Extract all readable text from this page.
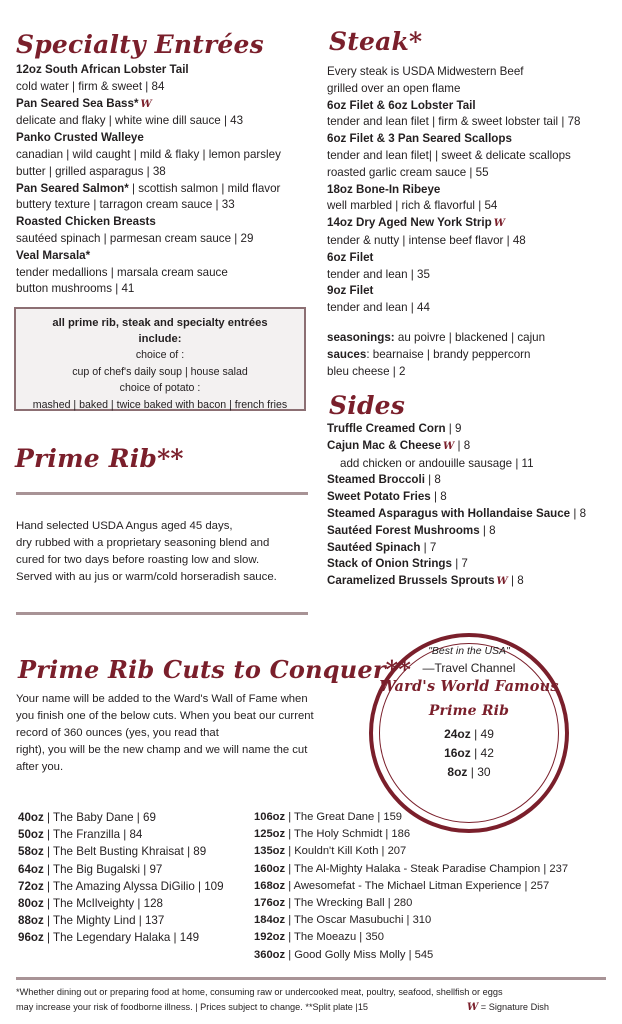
Specialty Entrées
12oz South African Lobster Tail
cold water | firm & sweet | 84
Pan Seared Sea Bass* W
delicate and flaky | white wine dill sauce | 43
Panko Crusted Walleye
canadian | wild caught | mild & flaky | lemon parsley
butter | grilled asparagus | 38
Pan Seared Salmon* | scottish salmon | mild flavor
buttery texture | tarragon cream sauce | 33
Roasted Chicken Breasts
sautéed spinach | parmesan cream sauce | 29
Veal Marsala*
tender medallions | marsala cream sauce
button mushrooms | 41
all prime rib, steak and specialty entrées include:
choice of :
cup of chef's daily soup | house salad
choice of potato :
mashed | baked | twice baked with bacon | french fries
Prime Rib**
Hand selected USDA Angus aged 45 days,
dry rubbed with a proprietary seasoning blend and
cured for two days before roasting low and slow.
Served with au jus or warm/cold horseradish sauce.
Steak*
Every steak is USDA Midwestern Beef
grilled over an open flame
6oz Filet & 6oz Lobster Tail
tender and lean filet | firm & sweet lobster tail | 78
6oz Filet & 3 Pan Seared Scallops
tender and lean filet| | sweet & delicate scallops
roasted garlic cream sauce | 55
18oz Bone-In Ribeye
well marbled | rich & flavorful | 54
14oz Dry Aged New York Strip W
tender & nutty | intense beef flavor | 48
6oz Filet
tender and lean | 35
9oz Filet
tender and lean | 44
seasonings: au poivre | blackened | cajun
sauces: bearnaise | brandy peppercorn
bleu cheese | 2
Sides
Truffle Creamed Corn | 9
Cajun Mac & Cheese W | 8
add chicken or andouille sausage | 11
Steamed Broccoli | 8
Sweet Potato Fries | 8
Steamed Asparagus with Hollandaise Sauce | 8
Sautéed Forest Mushrooms | 8
Sautéed Spinach | 7
Stack of Onion Strings | 7
Caramelized Brussels Sprouts W | 8
Prime Rib Cuts to Conquer**
Your name will be added to the Ward's Wall of Fame when
you finish one of the below cuts. When you beat our current
record of 360 ounces (yes, you read that
right), you will be the new champ and we will name the cut
after you.
"Best in the USA"
—Travel Channel
Ward's World Famous
Prime Rib
24oz | 49
16oz | 42
8oz | 30
40oz | The Baby Dane | 69
50oz | The Franzilla | 84
58oz | The Belt Busting Khraisat | 89
64oz | The Big Bugalski | 97
72oz | The Amazing Alyssa DiGilio | 109
80oz | The McIlveighty | 128
88oz | The Mighty Lind | 137
96oz | The Legendary Halaka | 149
106oz | The Great Dane | 159
125oz | The Holy Schmidt | 186
135oz | Kouldn't Kill Koth | 207
160oz | The Al-Mighty Halaka - Steak Paradise Champion | 237
168oz | Awesomefat - The Michael Litman Experience | 257
176oz | The Wrecking Ball | 280
184oz | The Oscar Masubuchi | 310
192oz | The Moeazu | 350
360oz | Good Golly Miss Molly | 545
*Whether dining out or preparing food at home, consuming raw or undercooked meat, poultry, seafood, shellfish or eggs
may increase your risk of foodborne illness. | Prices subject to change. **Split plate |15	W = Signature Dish
